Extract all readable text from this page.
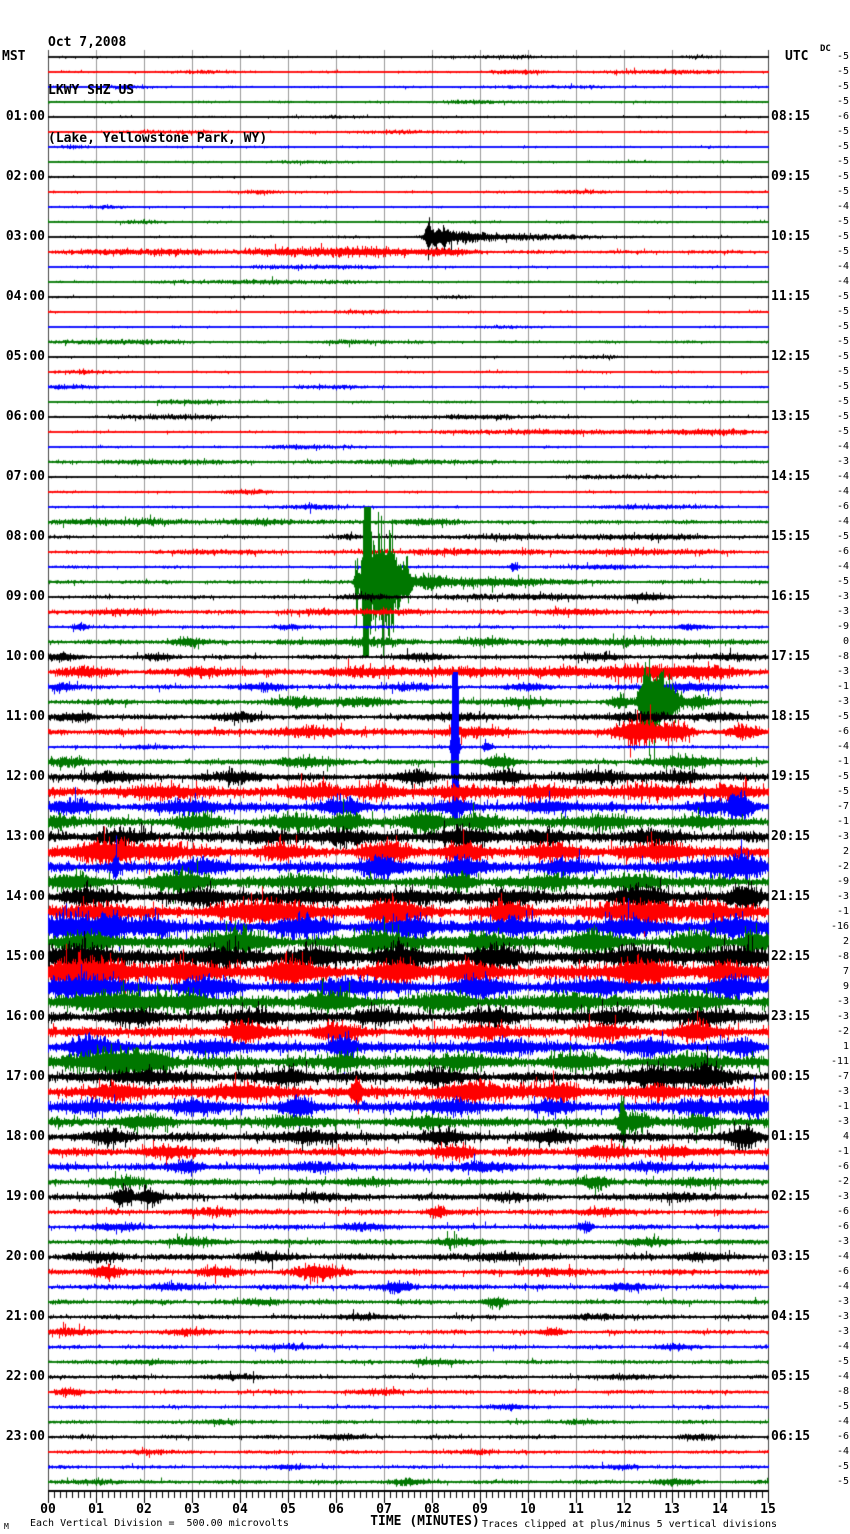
Oct 7,2008

LKWY SHZ US

(Lake, Yellowstone Park, WY)

MST	UTC DC
01:00
02:00
03:00
04:00
05:00
06:00
07:00
08:00
09:00
10:00
11:00
12:00
13:00
14:00
15:00
16:00
17:00
18:00
19:00
20:00
21:00
22:00
23:00
08:15
09:15
10:15
11:15
12:15
13:15
14:15
15:15
16:15
17:15
18:15
19:15
20:15
21:15
22:15
23:15
00:15
01:15
02:15
03:15
04:15
05:15
06:15
-5
-5
-5
-5
-6
-5
-5
-5
-5
-5
-4
-5
-5
-5
-4
-4
-5
-5
-5
-5
-5
-5
-5
-5
-5
-5
-4
-3
-4
-4
-6
-4
-5
-6
-4
-5
-3
-3
-9
0
-8
-3
-1
-3
-5
-6
-4
-1
-5
-5
-7
-1
-3
2
-2
-9
-3
-1
-16
2
-8
7
9
-3
-3
-2
1
-11
-7
-3
-1
-3
4
-1
-6
-2
-3
-6
-6
-3
-4
-6
-4
-3
-3
-3
-4
-5
-4
-8
-5
-4
-6
-4
-5
-5
00	01	02	03	04	05	06	07	08	09	10	11	12	13	14	15
Each Vertical Division =  500.00 microvolts	TIME (MINUTES) Traces clipped at plus/minus 5 vertical divisions
M
